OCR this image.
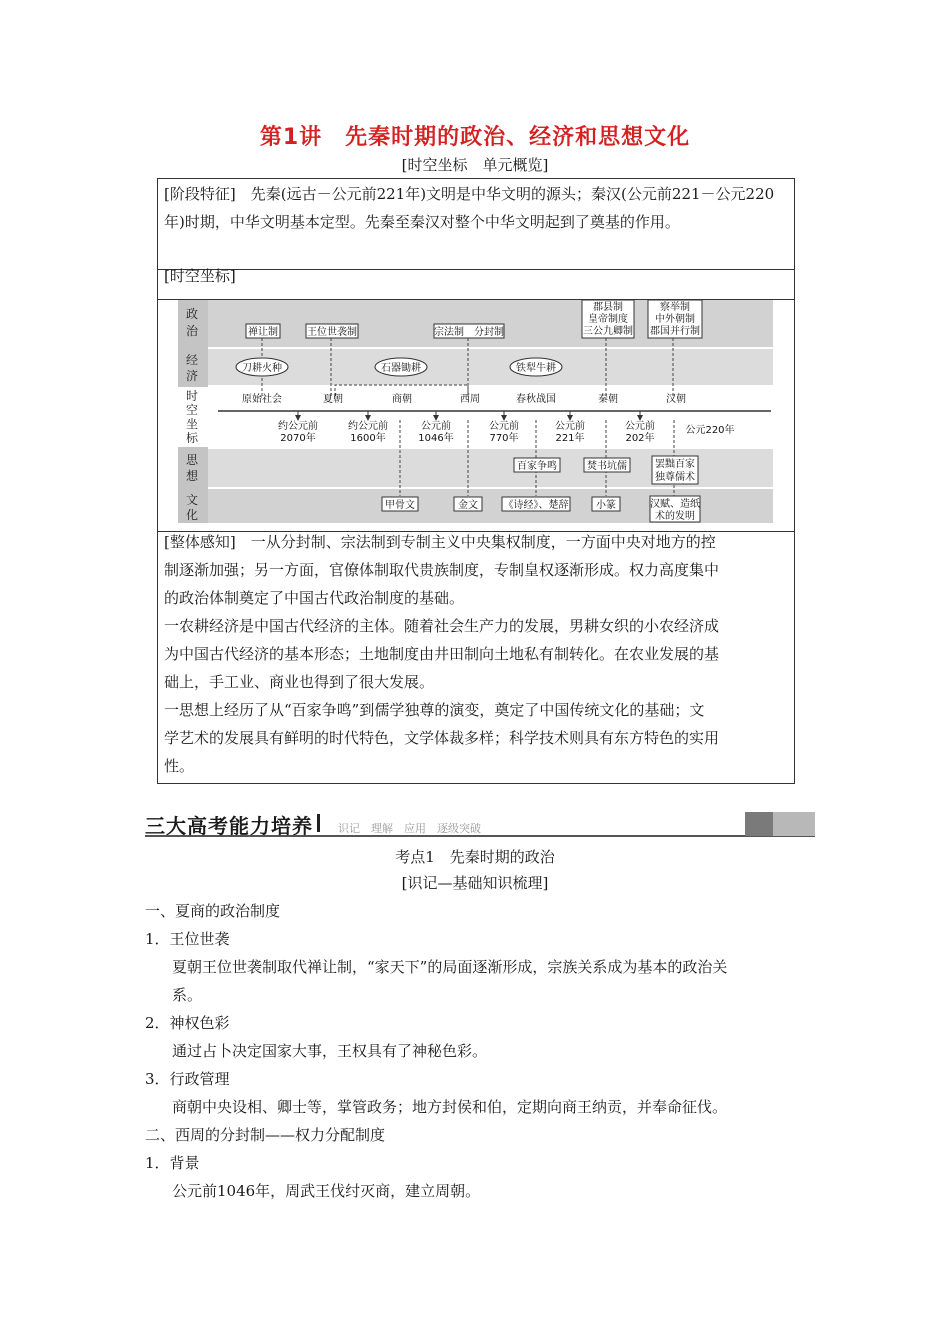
第1讲　先秦时期的政治、经济和思想文化
[时空坐标　单元概览]
[阶段特征]　先秦(远古－公元前221年)文明是中华文明的源头；秦汉(公元前221－公元220年)时期，中华文明基本定型。先秦至秦汉对整个中华文明起到了奠基的作用。
[时空坐标]
政
治
经
济
时
空
坐
标
思
想
文
化
禅让制	王位世袭制	宗法制　分封制
郡县制
皇帝制度
三公九卿制
察举制
中外朝制
郡国并行制
刀耕火种	石器锄耕	铁犁牛耕
原始社会	夏朝	商朝	西周	春秋战国	秦朝	汉朝
约公元前
2070年
约公元前
1600年
公元前
1046年
公元前
770年
公元前
221年
公元前
202年
公元220年
百家争鸣	焚书坑儒	罢黜百家
独尊儒术
甲骨文	金文	《诗经》、楚辞	小篆	汉赋、造纸
术的发明
[整体感知]　一从分封制、宗法制到专制主义中央集权制度，一方面中央对地方的控
制逐渐加强；另一方面，官僚体制取代贵族制度，专制皇权逐渐形成。权力高度集中
的政治体制奠定了中国古代政治制度的基础。
一农耕经济是中国古代经济的主体。随着社会生产力的发展，男耕女织的小农经济成
为中国古代经济的基本形态；土地制度由井田制向土地私有制转化。在农业发展的基
础上，手工业、商业也得到了很大发展。
一思想上经历了从“百家争鸣”到儒学独尊的演变，奠定了中国传统文化的基础；文
学艺术的发展具有鲜明的时代特色，文学体裁多样；科学技术则具有东方特色的实用
性。
三大高考能力培养 识记　理解　应用　逐级突破
考点1　先秦时期的政治
[识记—基础知识梳理]
一、夏商的政治制度
1．王位世袭
夏朝王位世袭制取代禅让制，“家天下”的局面逐渐形成，宗族关系成为基本的政治关
系。
2．神权色彩
通过占卜决定国家大事，王权具有了神秘色彩。
3．行政管理
商朝中央设相、卿士等，掌管政务；地方封侯和伯，定期向商王纳贡，并奉命征伐。
二、西周的分封制——权力分配制度
1．背景
公元前1046年，周武王伐纣灭商，建立周朝。
